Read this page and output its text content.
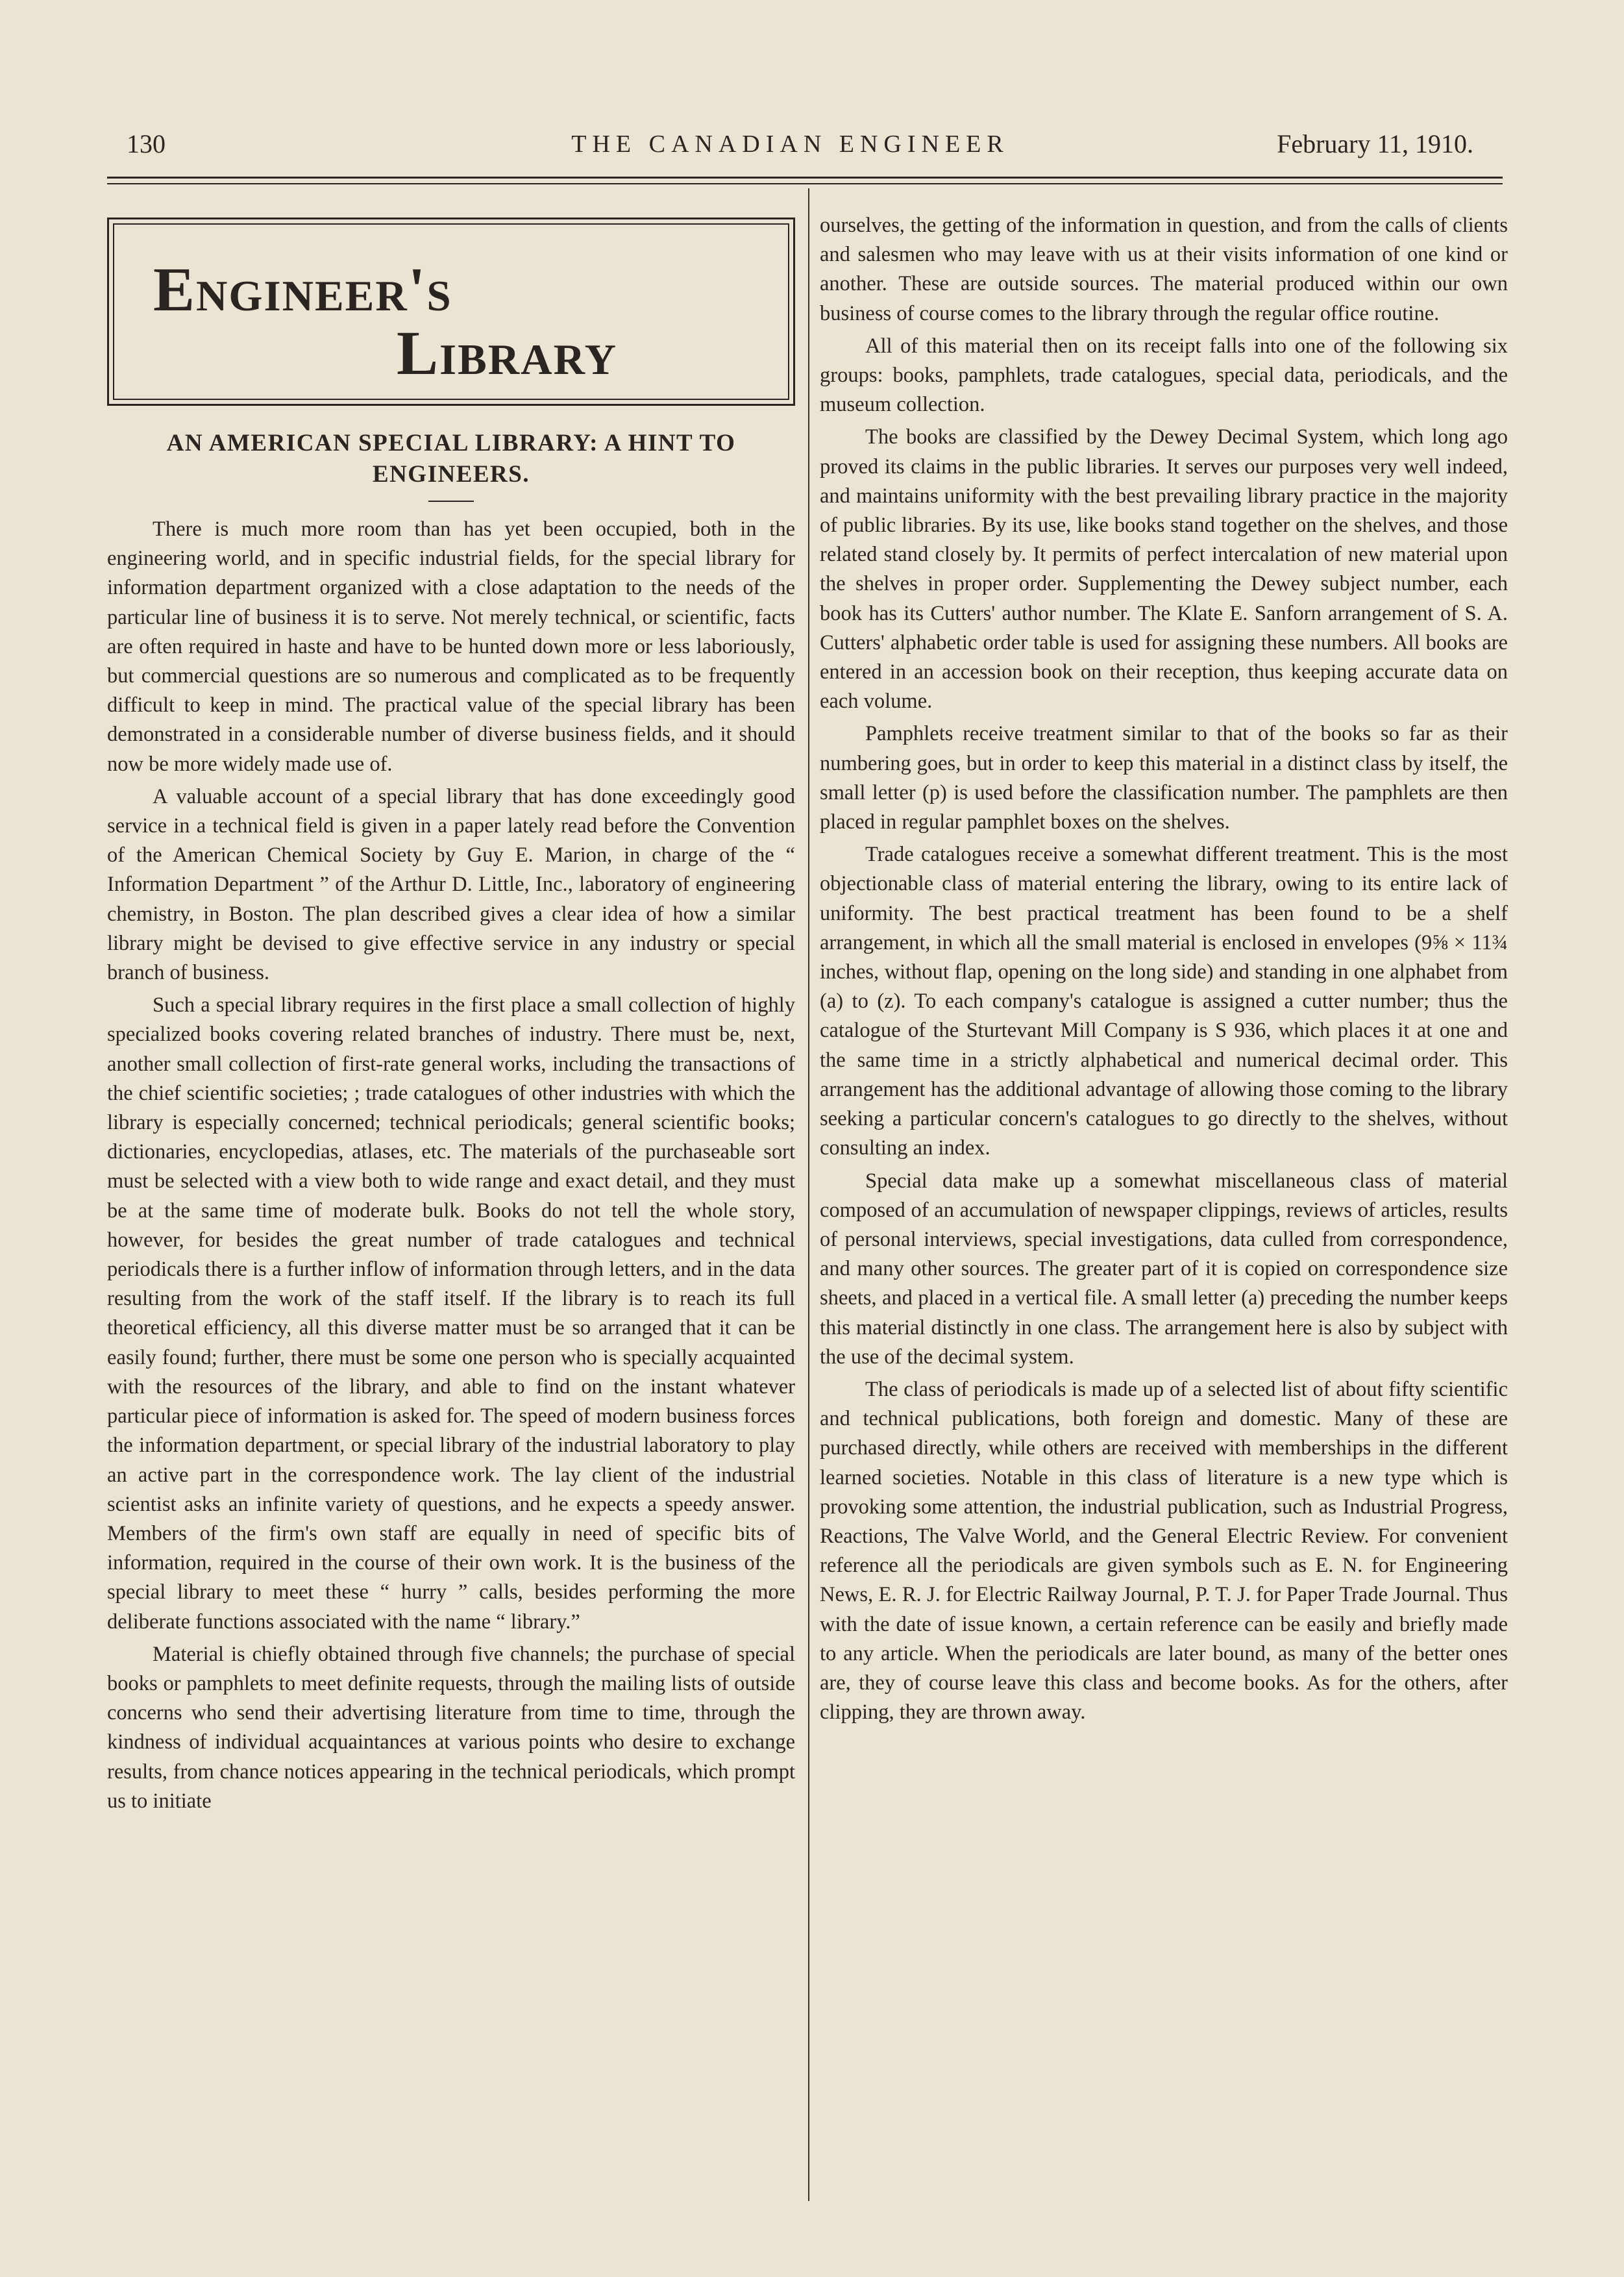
130	THE CANADIAN ENGINEER	February 11, 1910.
Engineer's
Library
AN AMERICAN SPECIAL LIBRARY: A HINT TO ENGINEERS.

There is much more room than has yet been occupied, both in the engineering world, and in specific industrial fields, for the special library for information department organized with a close adaptation to the needs of the particular line of business it is to serve. Not merely technical, or scientific, facts are often required in haste and have to be hunted down more or less laboriously, but commercial questions are so numerous and complicated as to be frequently difficult to keep in mind. The practical value of the special library has been demonstrated in a considerable number of diverse business fields, and it should now be more widely made use of.

A valuable account of a special library that has done exceedingly good service in a technical field is given in a paper lately read before the Convention of the American Chemical Society by Guy E. Marion, in charge of the “ Information Department ” of the Arthur D. Little, Inc., laboratory of engineering chemistry, in Boston. The plan described gives a clear idea of how a similar library might be devised to give effective service in any industry or special branch of business.

Such a special library requires in the first place a small collection of highly specialized books covering related branches of industry. There must be, next, another small collection of first-rate general works, including the transactions of the chief scientific societies; ; trade catalogues of other industries with which the library is especially concerned; technical periodicals; general scientific books; dictionaries, encyclopedias, atlases, etc. The materials of the purchaseable sort must be selected with a view both to wide range and exact detail, and they must be at the same time of moderate bulk. Books do not tell the whole story, however, for besides the great number of trade catalogues and technical periodicals there is a further inflow of information through letters, and in the data resulting from the work of the staff itself. If the library is to reach its full theoretical efficiency, all this diverse matter must be so arranged that it can be easily found; further, there must be some one person who is specially acquainted with the resources of the library, and able to find on the instant whatever particular piece of information is asked for. The speed of modern business forces the information department, or special library of the industrial laboratory to play an active part in the correspondence work. The lay client of the industrial scientist asks an infinite variety of questions, and he expects a speedy answer. Members of the firm's own staff are equally in need of specific bits of information, required in the course of their own work. It is the business of the special library to meet these “ hurry ” calls, besides performing the more deliberate functions associated with the name “ library.”

Material is chiefly obtained through five channels; the purchase of special books or pamphlets to meet definite requests, through the mailing lists of outside concerns who send their advertising literature from time to time, through the kindness of individual acquaintances at various points who desire to exchange results, from chance notices appearing in the technical periodicals, which prompt us to initiate

ourselves, the getting of the information in question, and from the calls of clients and salesmen who may leave with us at their visits information of one kind or another. These are outside sources. The material produced within our own business of course comes to the library through the regular office routine.

All of this material then on its receipt falls into one of the following six groups: books, pamphlets, trade catalogues, special data, periodicals, and the museum collection.

The books are classified by the Dewey Decimal System, which long ago proved its claims in the public libraries. It serves our purposes very well indeed, and maintains uniformity with the best prevailing library practice in the majority of public libraries. By its use, like books stand together on the shelves, and those related stand closely by. It permits of perfect intercalation of new material upon the shelves in proper order. Supplementing the Dewey subject number, each book has its Cutters' author number. The Klate E. Sanforn arrangement of S. A. Cutters' alphabetic order table is used for assigning these numbers. All books are entered in an accession book on their reception, thus keeping accurate data on each volume.

Pamphlets receive treatment similar to that of the books so far as their numbering goes, but in order to keep this material in a distinct class by itself, the small letter (p) is used before the classification number. The pamphlets are then placed in regular pamphlet boxes on the shelves.

Trade catalogues receive a somewhat different treatment. This is the most objectionable class of material entering the library, owing to its entire lack of uniformity. The best practical treatment has been found to be a shelf arrangement, in which all the small material is enclosed in envelopes (9⅝ × 11¾ inches, without flap, opening on the long side) and standing in one alphabet from (a) to (z). To each company's catalogue is assigned a cutter number; thus the catalogue of the Sturtevant Mill Company is S 936, which places it at one and the same time in a strictly alphabetical and numerical decimal order. This arrangement has the additional advantage of allowing those coming to the library seeking a particular concern's catalogues to go directly to the shelves, without consulting an index.

Special data make up a somewhat miscellaneous class of material composed of an accumulation of newspaper clippings, reviews of articles, results of personal interviews, special investigations, data culled from correspondence, and many other sources. The greater part of it is copied on correspondence size sheets, and placed in a vertical file. A small letter (a) preceding the number keeps this material distinctly in one class. The arrangement here is also by subject with the use of the decimal system.

The class of periodicals is made up of a selected list of about fifty scientific and technical publications, both foreign and domestic. Many of these are purchased directly, while others are received with memberships in the different learned societies. Notable in this class of literature is a new type which is provoking some attention, the industrial publication, such as Industrial Progress, Reactions, The Valve World, and the General Electric Review. For convenient reference all the periodicals are given symbols such as E. N. for Engineering News, E. R. J. for Electric Railway Journal, P. T. J. for Paper Trade Journal. Thus with the date of issue known, a certain reference can be easily and briefly made to any article. When the periodicals are later bound, as many of the better ones are, they of course leave this class and become books. As for the others, after clipping, they are thrown away.
